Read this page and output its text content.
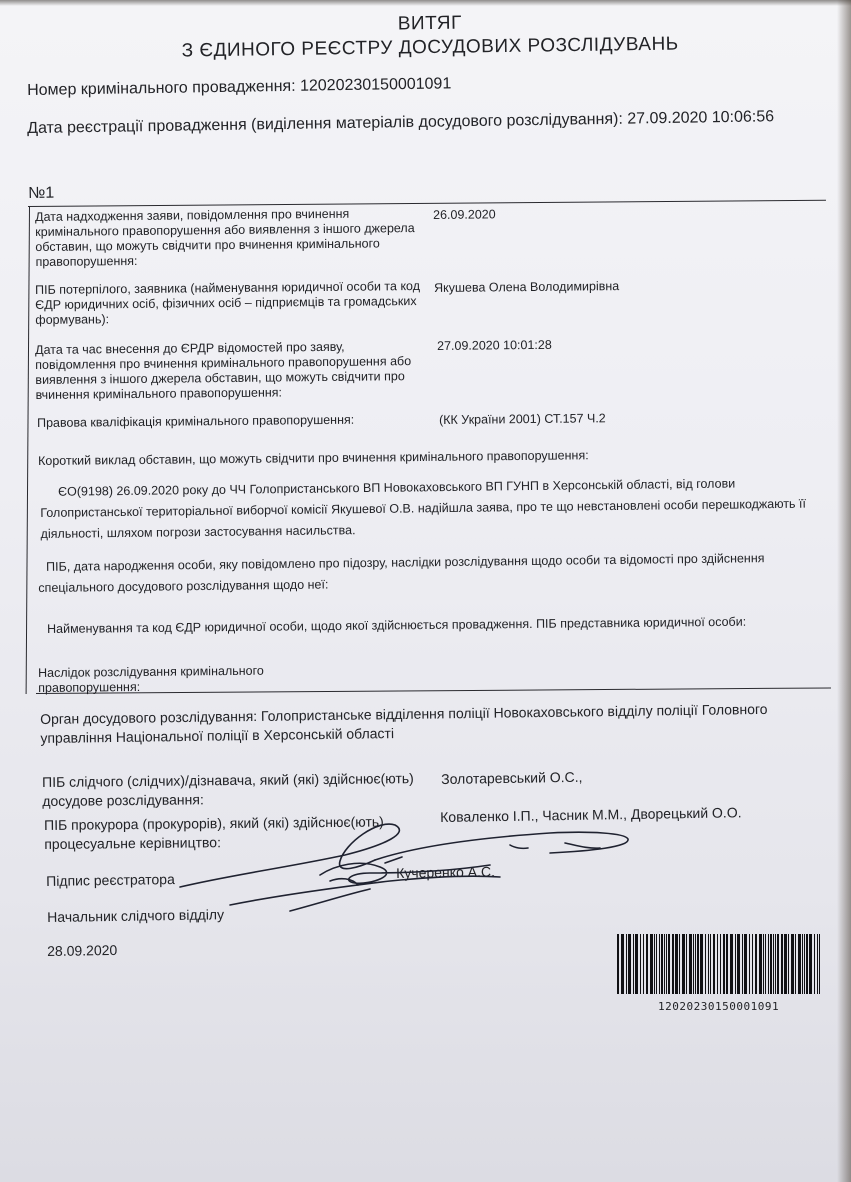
ВИТЯГ
З ЄДИНОГО РЕЄСТРУ ДОСУДОВИХ РОЗСЛІДУВАНЬ
Номер кримінального провадження: 12020230150001091
Дата реєстрації провадження (виділення матеріалів досудового розслідування): 27.09.2020 10:06:56
№1
Дата надходження заяви, повідомлення про вчинення кримінального правопорушення або виявлення з іншого джерела обставин, що можуть свідчити про вчинення кримінального правопорушення:
26.09.2020
ПІБ потерпілого, заявника (найменування юридичної особи та код ЄДР юридичних осіб, фізичних осіб – підприємців та громадських формувань):
Якушева Олена Володимирівна
Дата та час внесення до ЄРДР відомостей про заяву, повідомлення про вчинення кримінального правопорушення або виявлення з іншого джерела обставин, що можуть свідчити про вчинення кримінального правопорушення:
27.09.2020 10:01:28
Правова кваліфікація кримінального правопорушення:	(КК України 2001) СТ.157 Ч.2
Короткий виклад обставин, що можуть свідчити про вчинення кримінального правопорушення:
ЄО(9198) 26.09.2020 року до ЧЧ Голопристанського ВП Новокаховського ВП ГУНП в Херсонській області, від голови Голопристанської територіальної виборчої комісії Якушевої О.В. надійшла заява, про те що невстановлені особи перешкоджають її діяльності, шляхом погрози застосування насильства.
ПІБ, дата народження особи, яку повідомлено про підозру, наслідки розслідування щодо особи та відомості про здійснення спеціального досудового розслідування щодо неї:
Найменування та код ЄДР юридичної особи, щодо якої здійснюється провадження. ПІБ представника юридичної особи:
Наслідок розслідування кримінального правопорушення:
Орган досудового розслідування: Голопристанське відділення поліції Новокаховського відділу поліції Головного управління Національної поліції в Херсонській області
ПІБ слідчого (слідчих)/дізнавача, який (які) здійснює(ють) досудове розслідування:
Золотаревський О.С.,
ПІБ прокурора (прокурорів), який (які) здійснює(ють) процесуальне керівництво:
Коваленко І.П., Часник М.М., Дворецький О.О.
Підпис реєстратора	Кучеренко А.С.
Начальник слідчого відділу
28.09.2020
12020230150001091
